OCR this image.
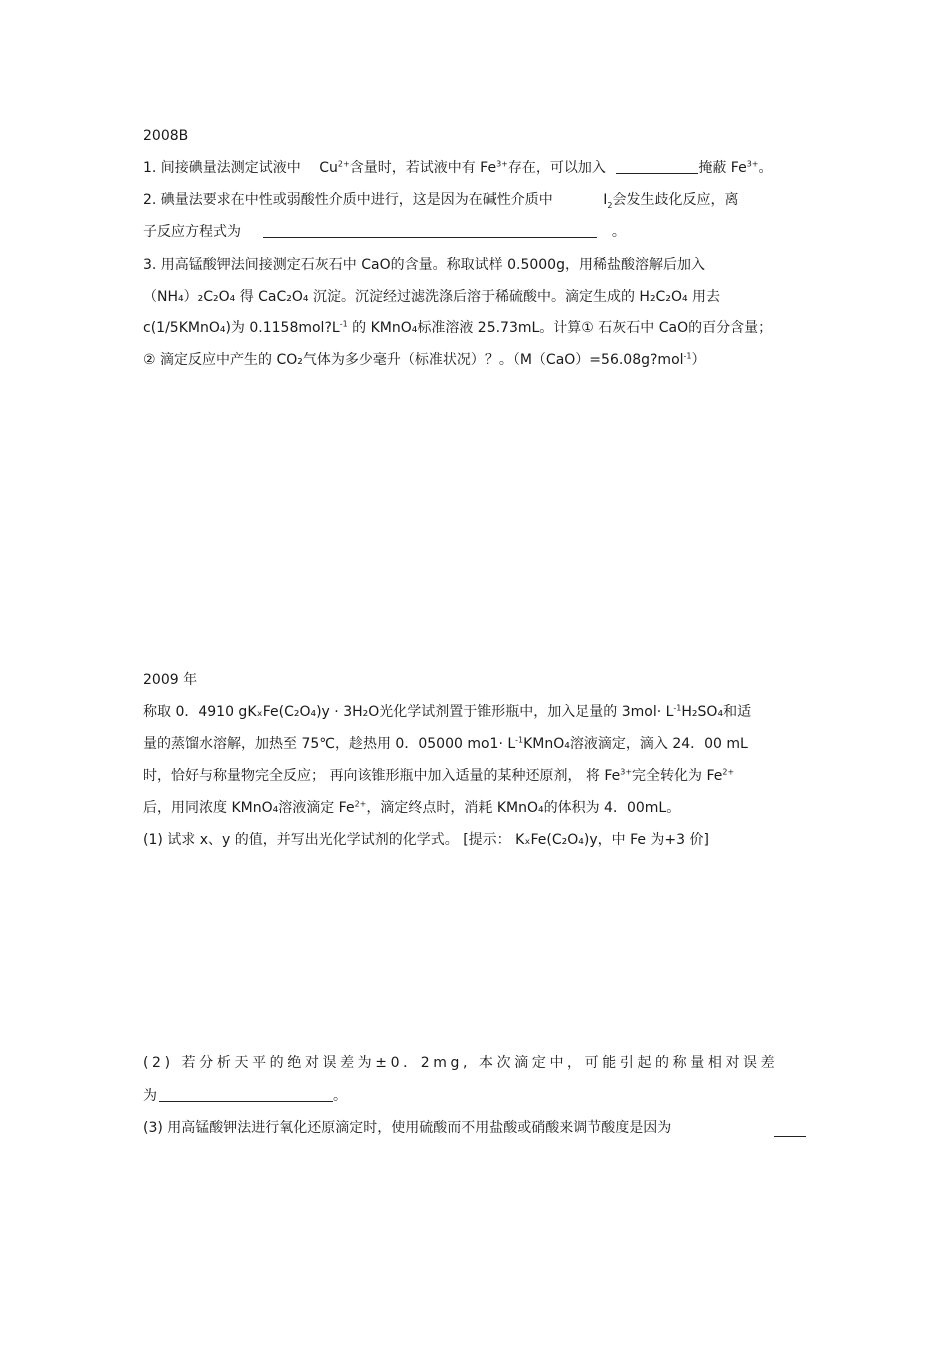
2008B
1. 间接碘量法测定试液中 $Cu^{2+}$含量时，若试液中有 $Fe^{3+}$存在，可以加入	掩蔽 $Fe^{3+}$。
2. 碘量法要求在中性或弱酸性介质中进行，这是因为在碱性介质中	$I_2$会发生歧化反应，离
子反应方程式为	。
3. 用高锰酸钾法间接测定石灰石中 CaO的含量。称取试样 0.5000g，用稀盐酸溶解后加入
（NH₄）₂C₂O₄ 得 CaC₂O₄ 沉淀。沉淀经过滤洗涤后溶于稀硫酸中。滴定生成的 H₂C₂O₄ 用去
c(1/5KMnO₄)为 $0.1158mol?L^{-1}$ 的 KMnO₄标准溶液 25.73mL。计算① 石灰石中 CaO的百分含量；
② 滴定反应中产生的 CO₂气体为多少毫升（标准状况）？。（M（CaO）=56.08g?mol$^{-1}$）
2009 年
称取 0．4910 gKₓFe(C₂O₄)y · 3H₂O光化学试剂置于锥形瓶中，加入足量的 $3mol\cdot L^{-1}H_2SO_4$和适
量的蒸馏水溶解，加热至 75℃，趁热用 0．05000 $mo1\cdot L^{-1}KMnO_4$溶液滴定，滴入 24．00 mL
时，恰好与称量物完全反应； 再向该锥形瓶中加入适量的某种还原剂， 将 $Fe^{3+}$完全转化为 $Fe^{2+}$
后，用同浓度 KMnO₄溶液滴定 $Fe^{2+}$，滴定终点时，消耗 KMnO₄的体积为 4．00mL。
(1) 试求 x、y 的值，并写出光化学试剂的化学式。 [提示： KₓFe(C₂O₄)y，中 Fe 为+3 价]
(2) 若分析天平的绝对误差为±0．2mg, 本次滴定中，可能引起的称量相对误差
为	。
(3) 用高锰酸钾法进行氧化还原滴定时，使用硫酸而不用盐酸或硝酸来调节酸度是因为
